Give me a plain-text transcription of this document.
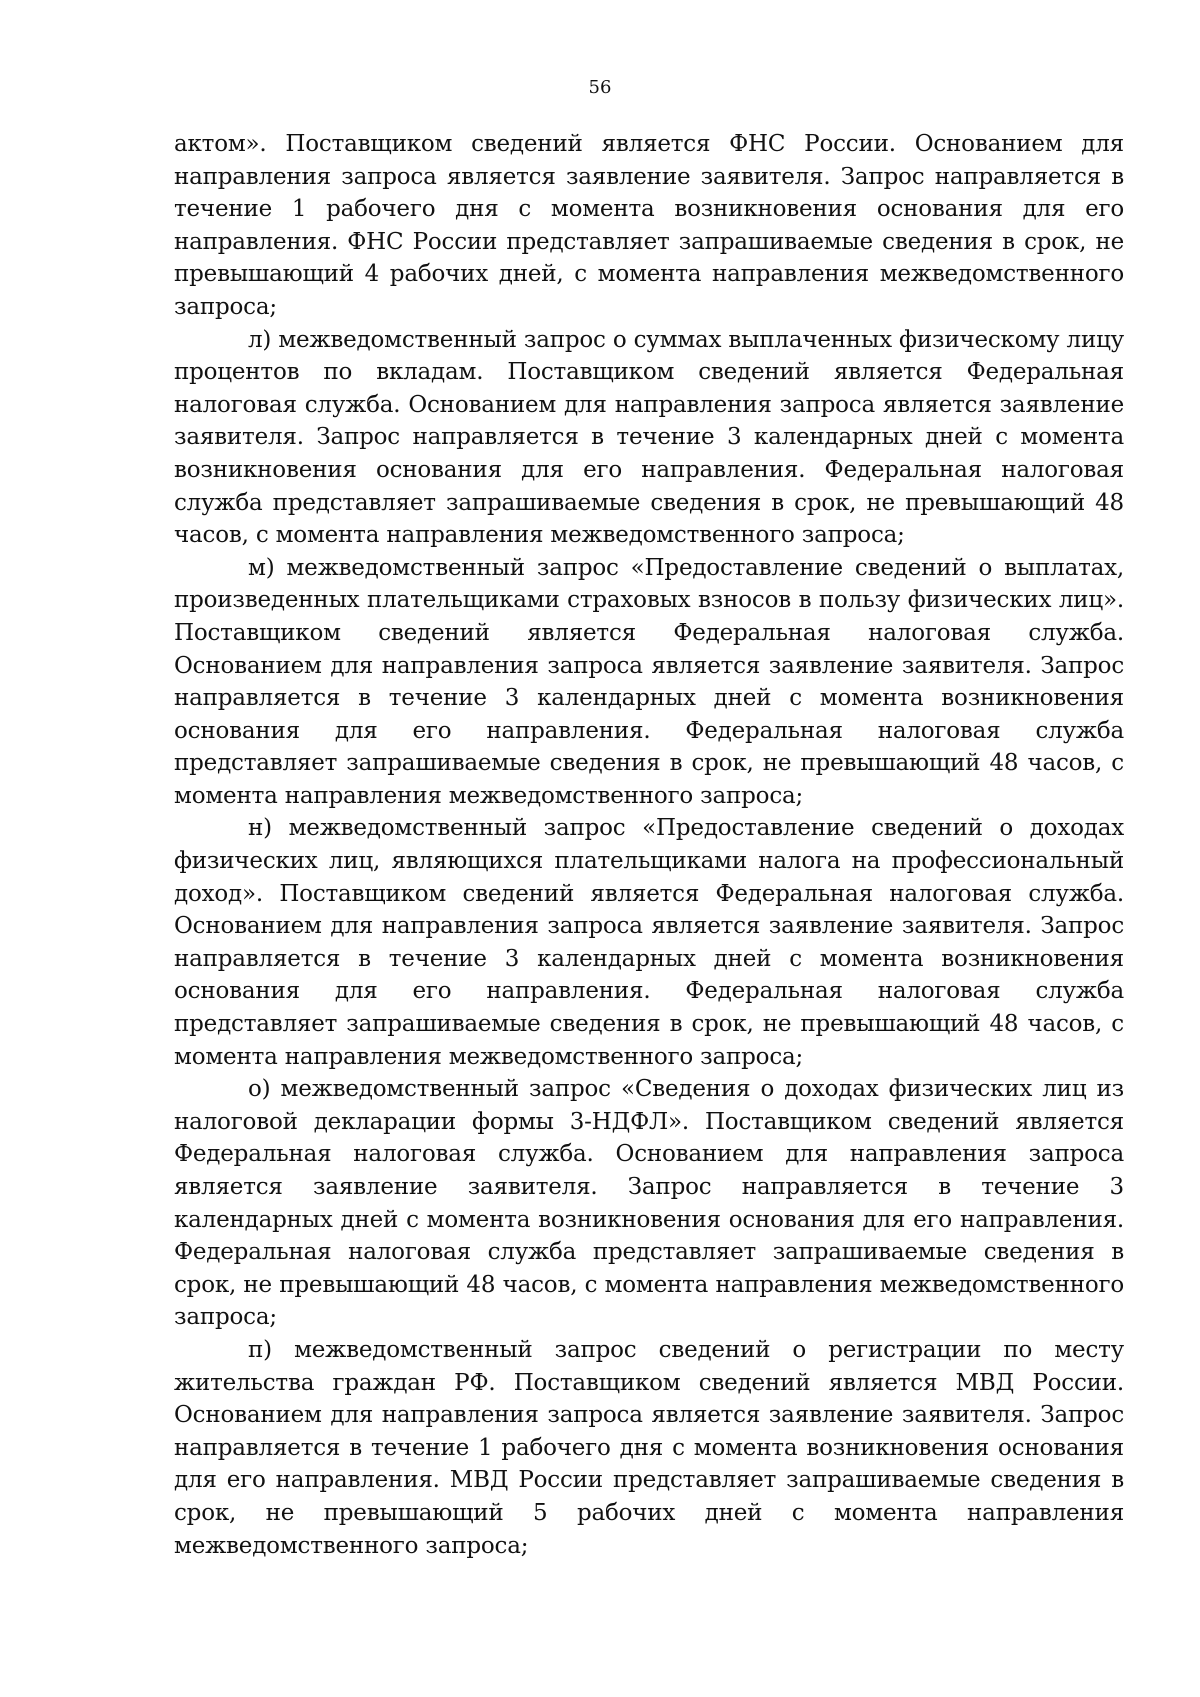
56

актом». Поставщиком сведений является ФНС России. Основанием для направления запроса является заявление заявителя. Запрос направляется в течение 1 рабочего дня с момента возникновения основания для его направления. ФНС России представляет запрашиваемые сведения в срок, не превышающий 4 рабочих дней, с момента направления межведомственного запроса;

л) межведомственный запрос о суммах выплаченных физическому лицу процентов по вкладам. Поставщиком сведений является Федеральная налоговая служба. Основанием для направления запроса является заявление заявителя. Запрос направляется в течение 3 календарных дней с момента возникновения основания для его направления. Федеральная налоговая служба представляет запрашиваемые сведения в срок, не превышающий 48 часов, с момента направления межведомственного запроса;

м) межведомственный запрос «Предоставление сведений о выплатах, произведенных плательщиками страховых взносов в пользу физических лиц». Поставщиком сведений является Федеральная налоговая служба. Основанием для направления запроса является заявление заявителя. Запрос направляется в течение 3 календарных дней с момента возникновения основания для его направления. Федеральная налоговая служба представляет запрашиваемые сведения в срок, не превышающий 48 часов, с момента направления межведомственного запроса;

н) межведомственный запрос «Предоставление сведений о доходах физических лиц, являющихся плательщиками налога на профессиональный доход». Поставщиком сведений является Федеральная налоговая служба. Основанием для направления запроса является заявление заявителя. Запрос направляется в течение 3 календарных дней с момента возникновения основания для его направления. Федеральная налоговая служба представляет запрашиваемые сведения в срок, не превышающий 48 часов, с момента направления межведомственного запроса;

о) межведомственный запрос «Сведения о доходах физических лиц из налоговой декларации формы 3-НДФЛ». Поставщиком сведений является Федеральная налоговая служба. Основанием для направления запроса является заявление заявителя. Запрос направляется в течение 3 календарных дней с момента возникновения основания для его направления. Федеральная налоговая служба представляет запрашиваемые сведения в срок, не превышающий 48 часов, с момента направления межведомственного запроса;

п) межведомственный запрос сведений о регистрации по месту жительства граждан РФ. Поставщиком сведений является МВД России. Основанием для направления запроса является заявление заявителя. Запрос направляется в течение 1 рабочего дня с момента возникновения основания для его направления. МВД России представляет запрашиваемые сведения в срок, не превышающий 5 рабочих дней с момента направления межведомственного запроса;
